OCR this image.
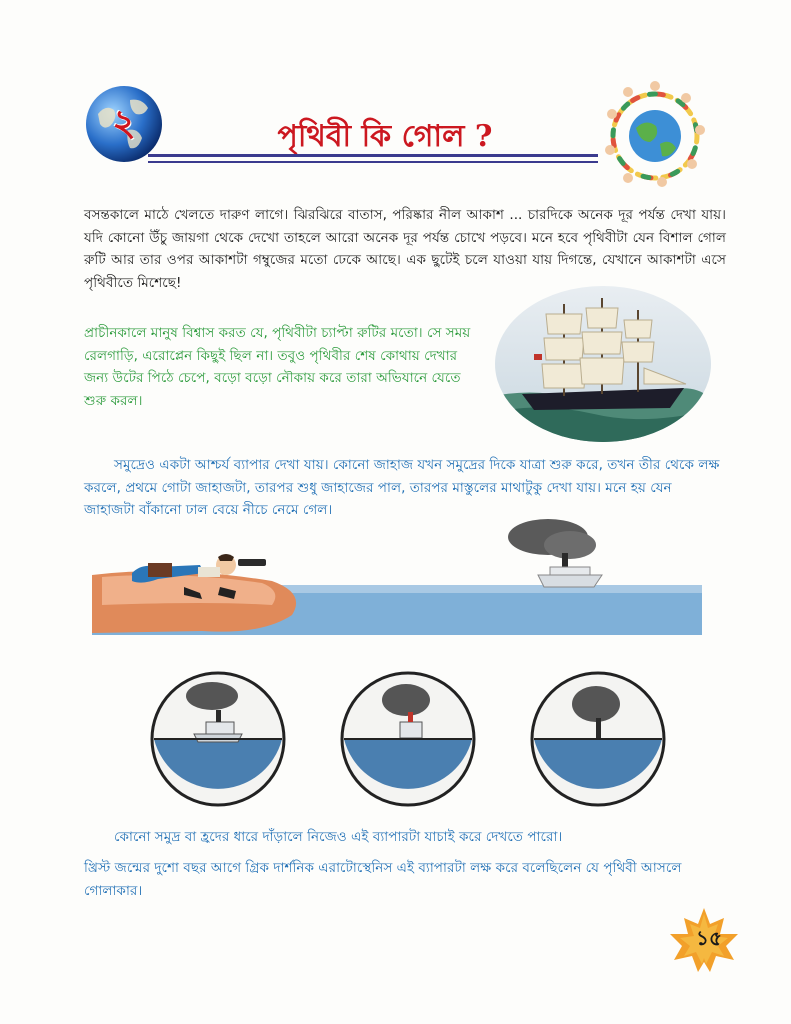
২	পৃথিবী কি গোল ?

বসন্তকালে মাঠে খেলতে দারুণ লাগে। ঝিরঝিরে বাতাস, পরিষ্কার নীল আকাশ ... চারদিকে অনেক দূর পর্যন্ত দেখা যায়। যদি কোনো উঁচু জায়গা থেকে দেখো তাহলে আরো অনেক দূর পর্যন্ত চোখে পড়বে। মনে হবে পৃথিবীটা যেন বিশাল গোল রুটি আর তার ওপর আকাশটা গম্বুজের মতো ঢেকে আছে। এক ছুটেই চলে যাওয়া যায় দিগন্তে, যেখানে আকাশটা এসে পৃথিবীতে মিশেছে!

প্রাচীনকালে মানুষ বিশ্বাস করত যে, পৃথিবীটা চ্যাপ্টা রুটির মতো। সে সময় রেলগাড়ি, এরোপ্লেন কিছুই ছিল না। তবুও পৃথিবীর শেষ কোথায় দেখার জন্য উটের পিঠে চেপে, বড়ো বড়ো নৌকায় করে তারা অভিযানে যেতে শুরু করল।

সমুদ্রেও একটা আশ্চর্য ব্যাপার দেখা যায়। কোনো জাহাজ যখন সমুদ্রের দিকে যাত্রা শুরু করে, তখন তীর থেকে লক্ষ করলে, প্রথমে গোটা জাহাজটা, তারপর শুধু জাহাজের পাল, তারপর মাস্তুলের মাথাটুকু দেখা যায়। মনে হয় যেন জাহাজটা বাঁকানো ঢাল বেয়ে নীচে নেমে গেল।

কোনো সমুদ্র বা হ্রদের ধারে দাঁড়ালে নিজেও এই ব্যাপারটা যাচাই করে দেখতে পারো।

খ্রিস্ট জন্মের দুশো বছর আগে গ্রিক দার্শনিক এরাটোস্থেনিস এই ব্যাপারটা লক্ষ করে বলেছিলেন যে পৃথিবী আসলে গোলাকার।

১৫
